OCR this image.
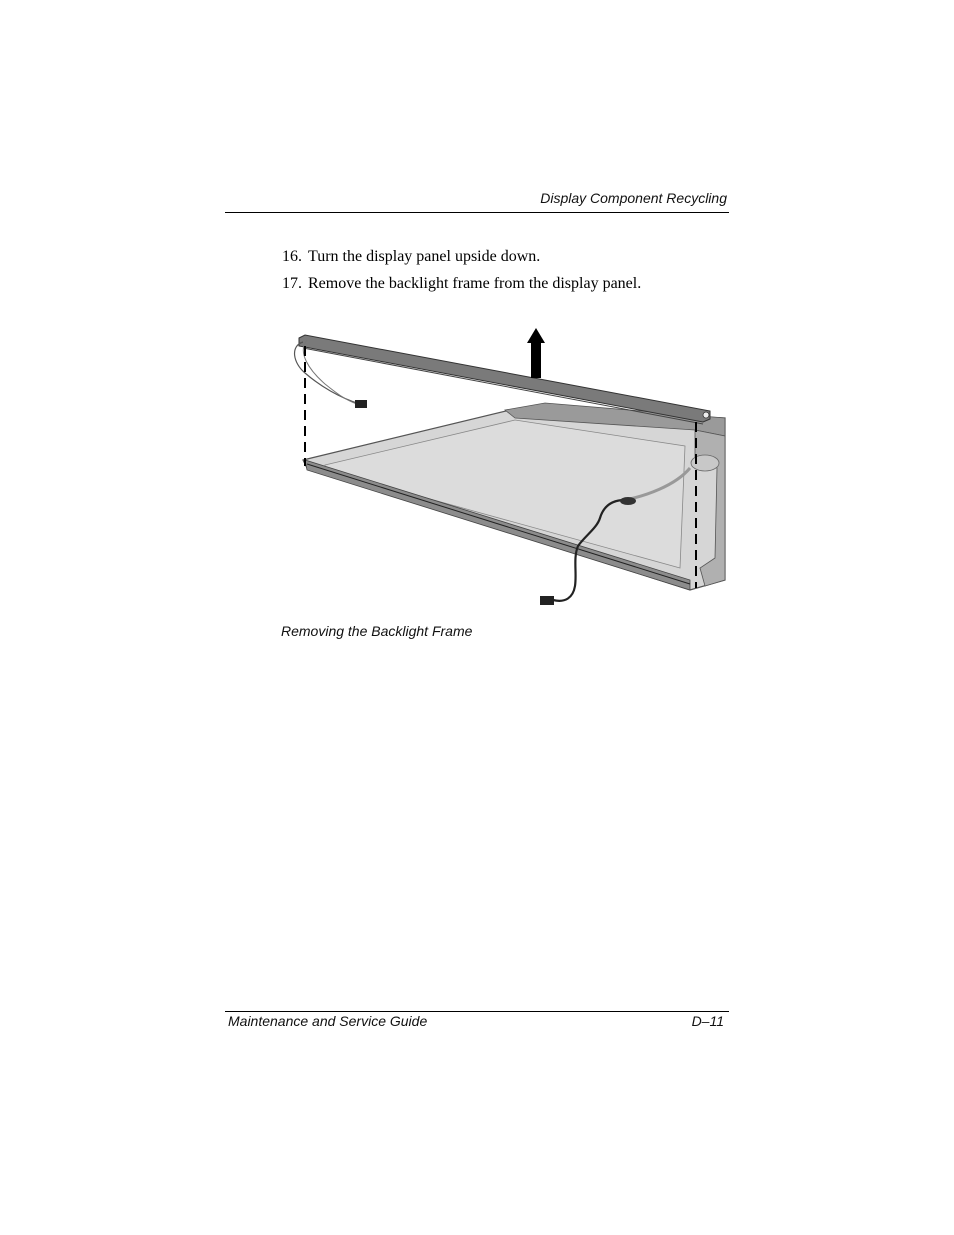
Display Component Recycling
16. Turn the display panel upside down.
17. Remove the backlight frame from the display panel.
Removing the Backlight Frame
Maintenance and Service Guide	D–11
